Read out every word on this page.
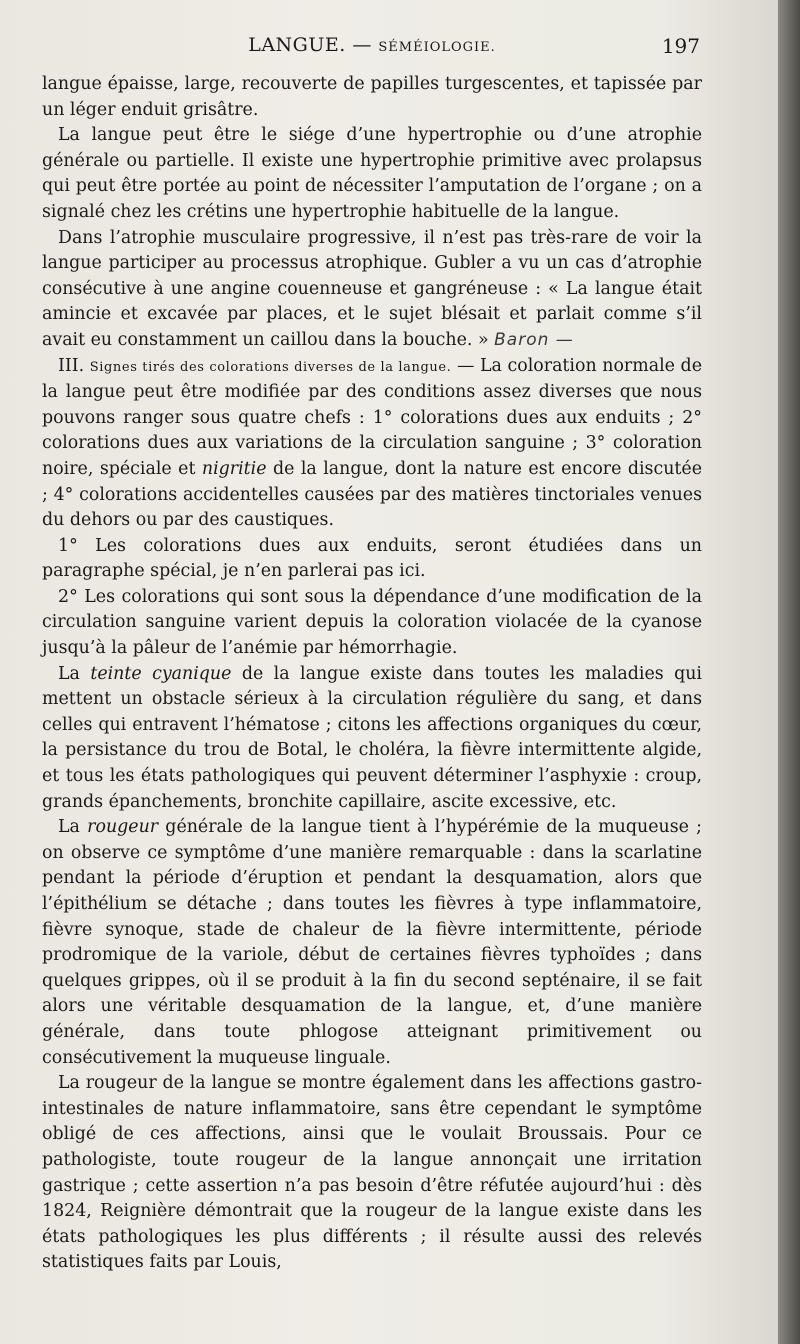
LANGUE. — SÉMÉIOLOGIE.	197

langue épaisse, large, recouverte de papilles turgescentes, et tapissée par un léger enduit grisâtre.

La langue peut être le siége d’une hypertrophie ou d’une atrophie générale ou partielle. Il existe une hypertrophie primitive avec prolapsus qui peut être portée au point de nécessiter l’amputation de l’organe ; on a signalé chez les crétins une hypertrophie habituelle de la langue.

Dans l’atrophie musculaire progressive, il n’est pas très-rare de voir la langue participer au processus atrophique. Gubler a vu un cas d’atrophie consécutive à une angine couenneuse et gangréneuse : « La langue était amincie et excavée par places, et le sujet blésait et parlait comme s’il avait eu constamment un caillou dans la bouche. » Baron —

III. Signes tirés des colorations diverses de la langue. — La coloration normale de la langue peut être modifiée par des conditions assez diverses que nous pouvons ranger sous quatre chefs : 1° colorations dues aux enduits ; 2° colorations dues aux variations de la circulation sanguine ; 3° coloration noire, spéciale et nigritie de la langue, dont la nature est encore discutée ; 4° colorations accidentelles causées par des matières tinctoriales venues du dehors ou par des caustiques.

1° Les colorations dues aux enduits, seront étudiées dans un paragraphe spécial, je n’en parlerai pas ici.

2° Les colorations qui sont sous la dépendance d’une modification de la circulation sanguine varient depuis la coloration violacée de la cyanose jusqu’à la pâleur de l’anémie par hémorrhagie.

La teinte cyanique de la langue existe dans toutes les maladies qui mettent un obstacle sérieux à la circulation régulière du sang, et dans celles qui entravent l’hématose ; citons les affections organiques du cœur, la persistance du trou de Botal, le choléra, la fièvre intermittente algide, et tous les états pathologiques qui peuvent déterminer l’asphyxie : croup, grands épanchements, bronchite capillaire, ascite excessive, etc.

La rougeur générale de la langue tient à l’hypérémie de la muqueuse ; on observe ce symptôme d’une manière remarquable : dans la scarlatine pendant la période d’éruption et pendant la desquamation, alors que l’épithélium se détache ; dans toutes les fièvres à type inflammatoire, fièvre synoque, stade de chaleur de la fièvre intermittente, période prodromique de la variole, début de certaines fièvres typhoïdes ; dans quelques grippes, où il se produit à la fin du second septénaire, il se fait alors une véritable desquamation de la langue, et, d’une manière générale, dans toute phlogose atteignant primitivement ou consécutivement la muqueuse linguale.

La rougeur de la langue se montre également dans les affections gastro-intestinales de nature inflammatoire, sans être cependant le symptôme obligé de ces affections, ainsi que le voulait Broussais. Pour ce pathologiste, toute rougeur de la langue annonçait une irritation gastrique ; cette assertion n’a pas besoin d’être réfutée aujourd’hui : dès 1824, Reignière démontrait que la rougeur de la langue existe dans les états pathologiques les plus différents ; il résulte aussi des relevés statistiques faits par Louis,
